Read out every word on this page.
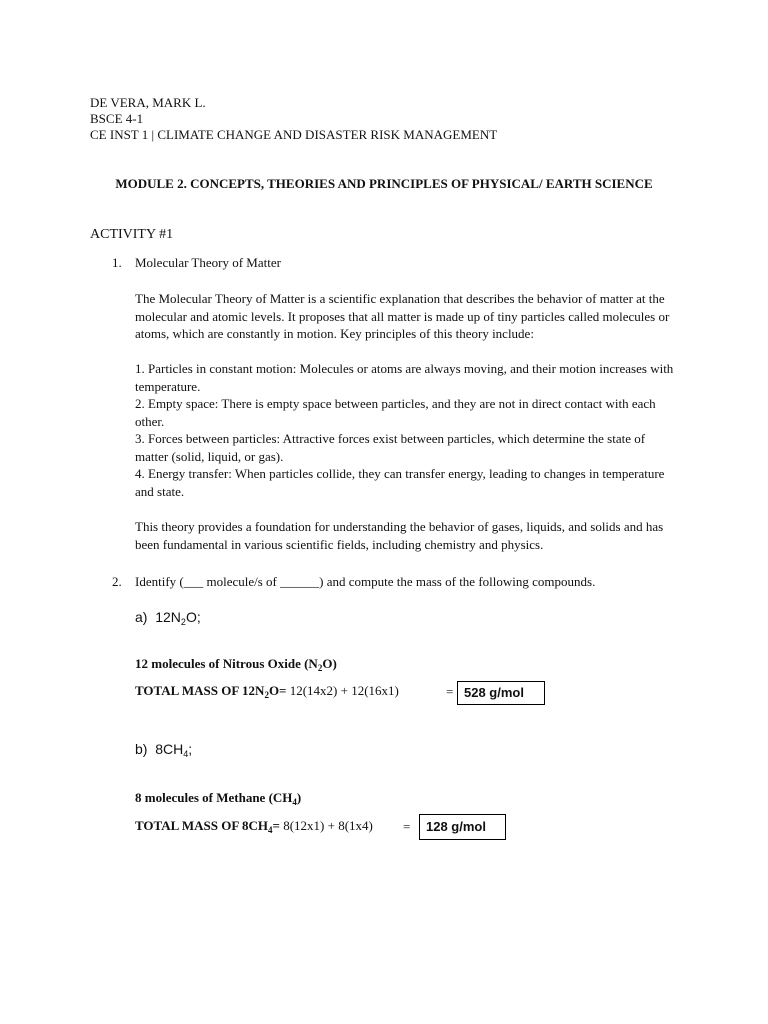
DE VERA, MARK L.
BSCE 4-1
CE INST 1 | CLIMATE CHANGE AND DISASTER RISK MANAGEMENT
MODULE 2. CONCEPTS, THEORIES AND PRINCIPLES OF PHYSICAL/ EARTH SCIENCE
ACTIVITY #1
1. Molecular Theory of Matter
The Molecular Theory of Matter is a scientific explanation that describes the behavior of matter at the molecular and atomic levels. It proposes that all matter is made up of tiny particles called molecules or atoms, which are constantly in motion. Key principles of this theory include:
1. Particles in constant motion: Molecules or atoms are always moving, and their motion increases with temperature.
2. Empty space: There is empty space between particles, and they are not in direct contact with each other.
3. Forces between particles: Attractive forces exist between particles, which determine the state of matter (solid, liquid, or gas).
4. Energy transfer: When particles collide, they can transfer energy, leading to changes in temperature and state.
This theory provides a foundation for understanding the behavior of gases, liquids, and solids and has been fundamental in various scientific fields, including chemistry and physics.
2. Identify (___ molecule/s of ______) and compute the mass of the following compounds.
a) $12N_2O$;
12 molecules of Nitrous Oxide $(N_2O)$
TOTAL MASS OF $12N_2O= 12(14x2) + 12(16x1)$	= 528 g/mol
b) $8CH_4$;
8 molecules of Methane $(CH_4)$
TOTAL MASS OF $8CH_4= 8(12x1) + 8(1x4)$ =	128 g/mol
